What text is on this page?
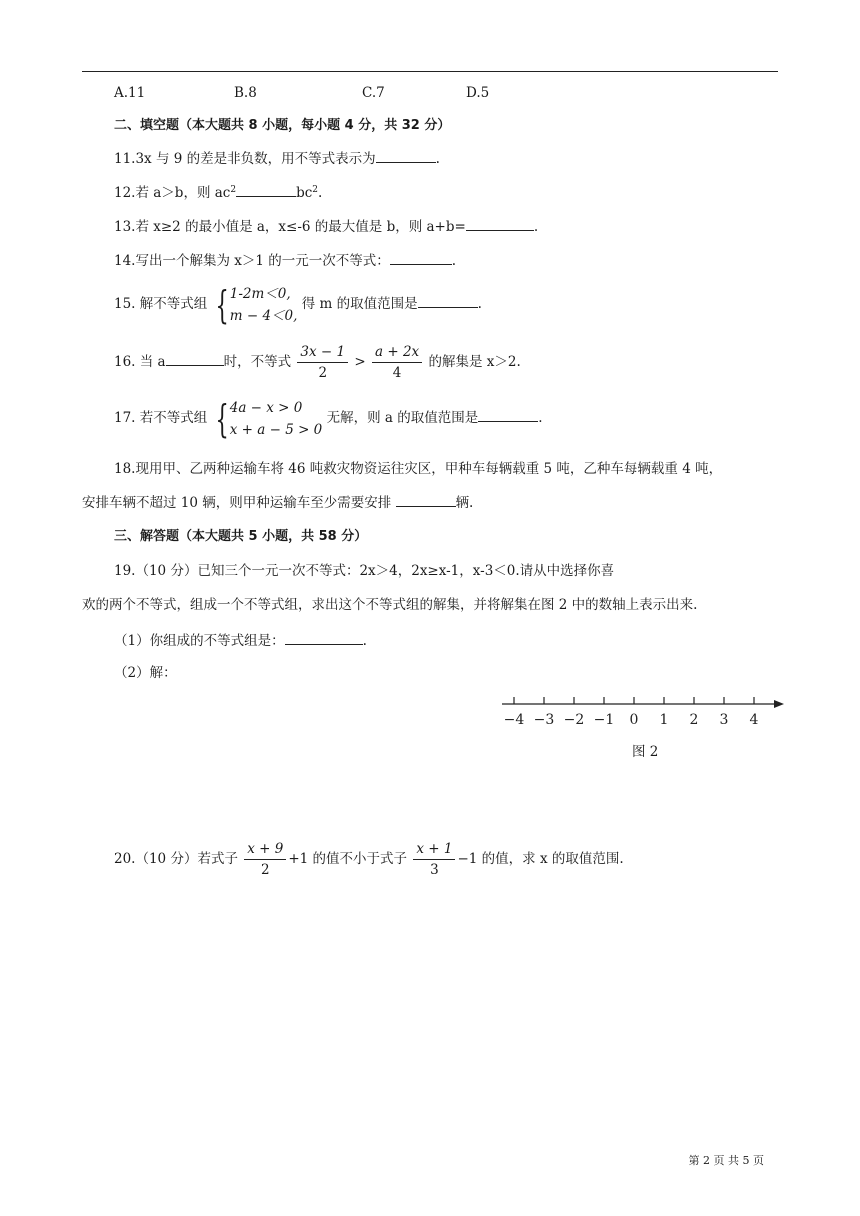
A.11	B.8	C.7	D.5
二、填空题（本大题共 8 小题，每小题 4 分，共 32 分）
11.3x 与 9 的差是非负数，用不等式表示为	.
12.若 a＞b，则 $ac^2$	$bc^2$.
13.若 x≥2 的最小值是 a，x≤-6 的最大值是 b，则 a+b=	.
14.写出一个解集为 x＞1 的一元一次不等式：	.
15. 解不等式组 { 1-2m＜0,
m − 4＜0,
得 m 的取值范围是	.
16. 当 a	时，不等式 $\frac{3x - 1}{2} > \frac{a + 2x}{4}$ 的解集是 x＞2.
17. 若不等式组 { 4a − x > 0
x + a − 5 > 0
无解，则 a 的取值范围是	.
18.现用甲、乙两种运输车将 46 吨救灾物资运往灾区，甲种车每辆载重 5 吨，乙种车每辆载重 4 吨，
安排车辆不超过 10 辆，则甲种运输车至少需要安排	辆.
三、解答题（本大题共 5 小题，共 58 分）
19.（10 分）已知三个一元一次不等式：2x＞4，2x≥x-1，x-3＜0.请从中选择你喜
欢的两个不等式，组成一个不等式组，求出这个不等式组的解集，并将解集在图 2 中的数轴上表示出来.
（1）你组成的不等式组是：	.
（2）解：
−4 −3 −2 −1 0 1 2 3 4
图 2
20.（10 分）若式子 $\frac{x + 9}{2} +1$ 的值不小于式子 $\frac{x + 1}{3} -1$ 的值，求 x 的取值范围.
第 2 页 共 5 页
